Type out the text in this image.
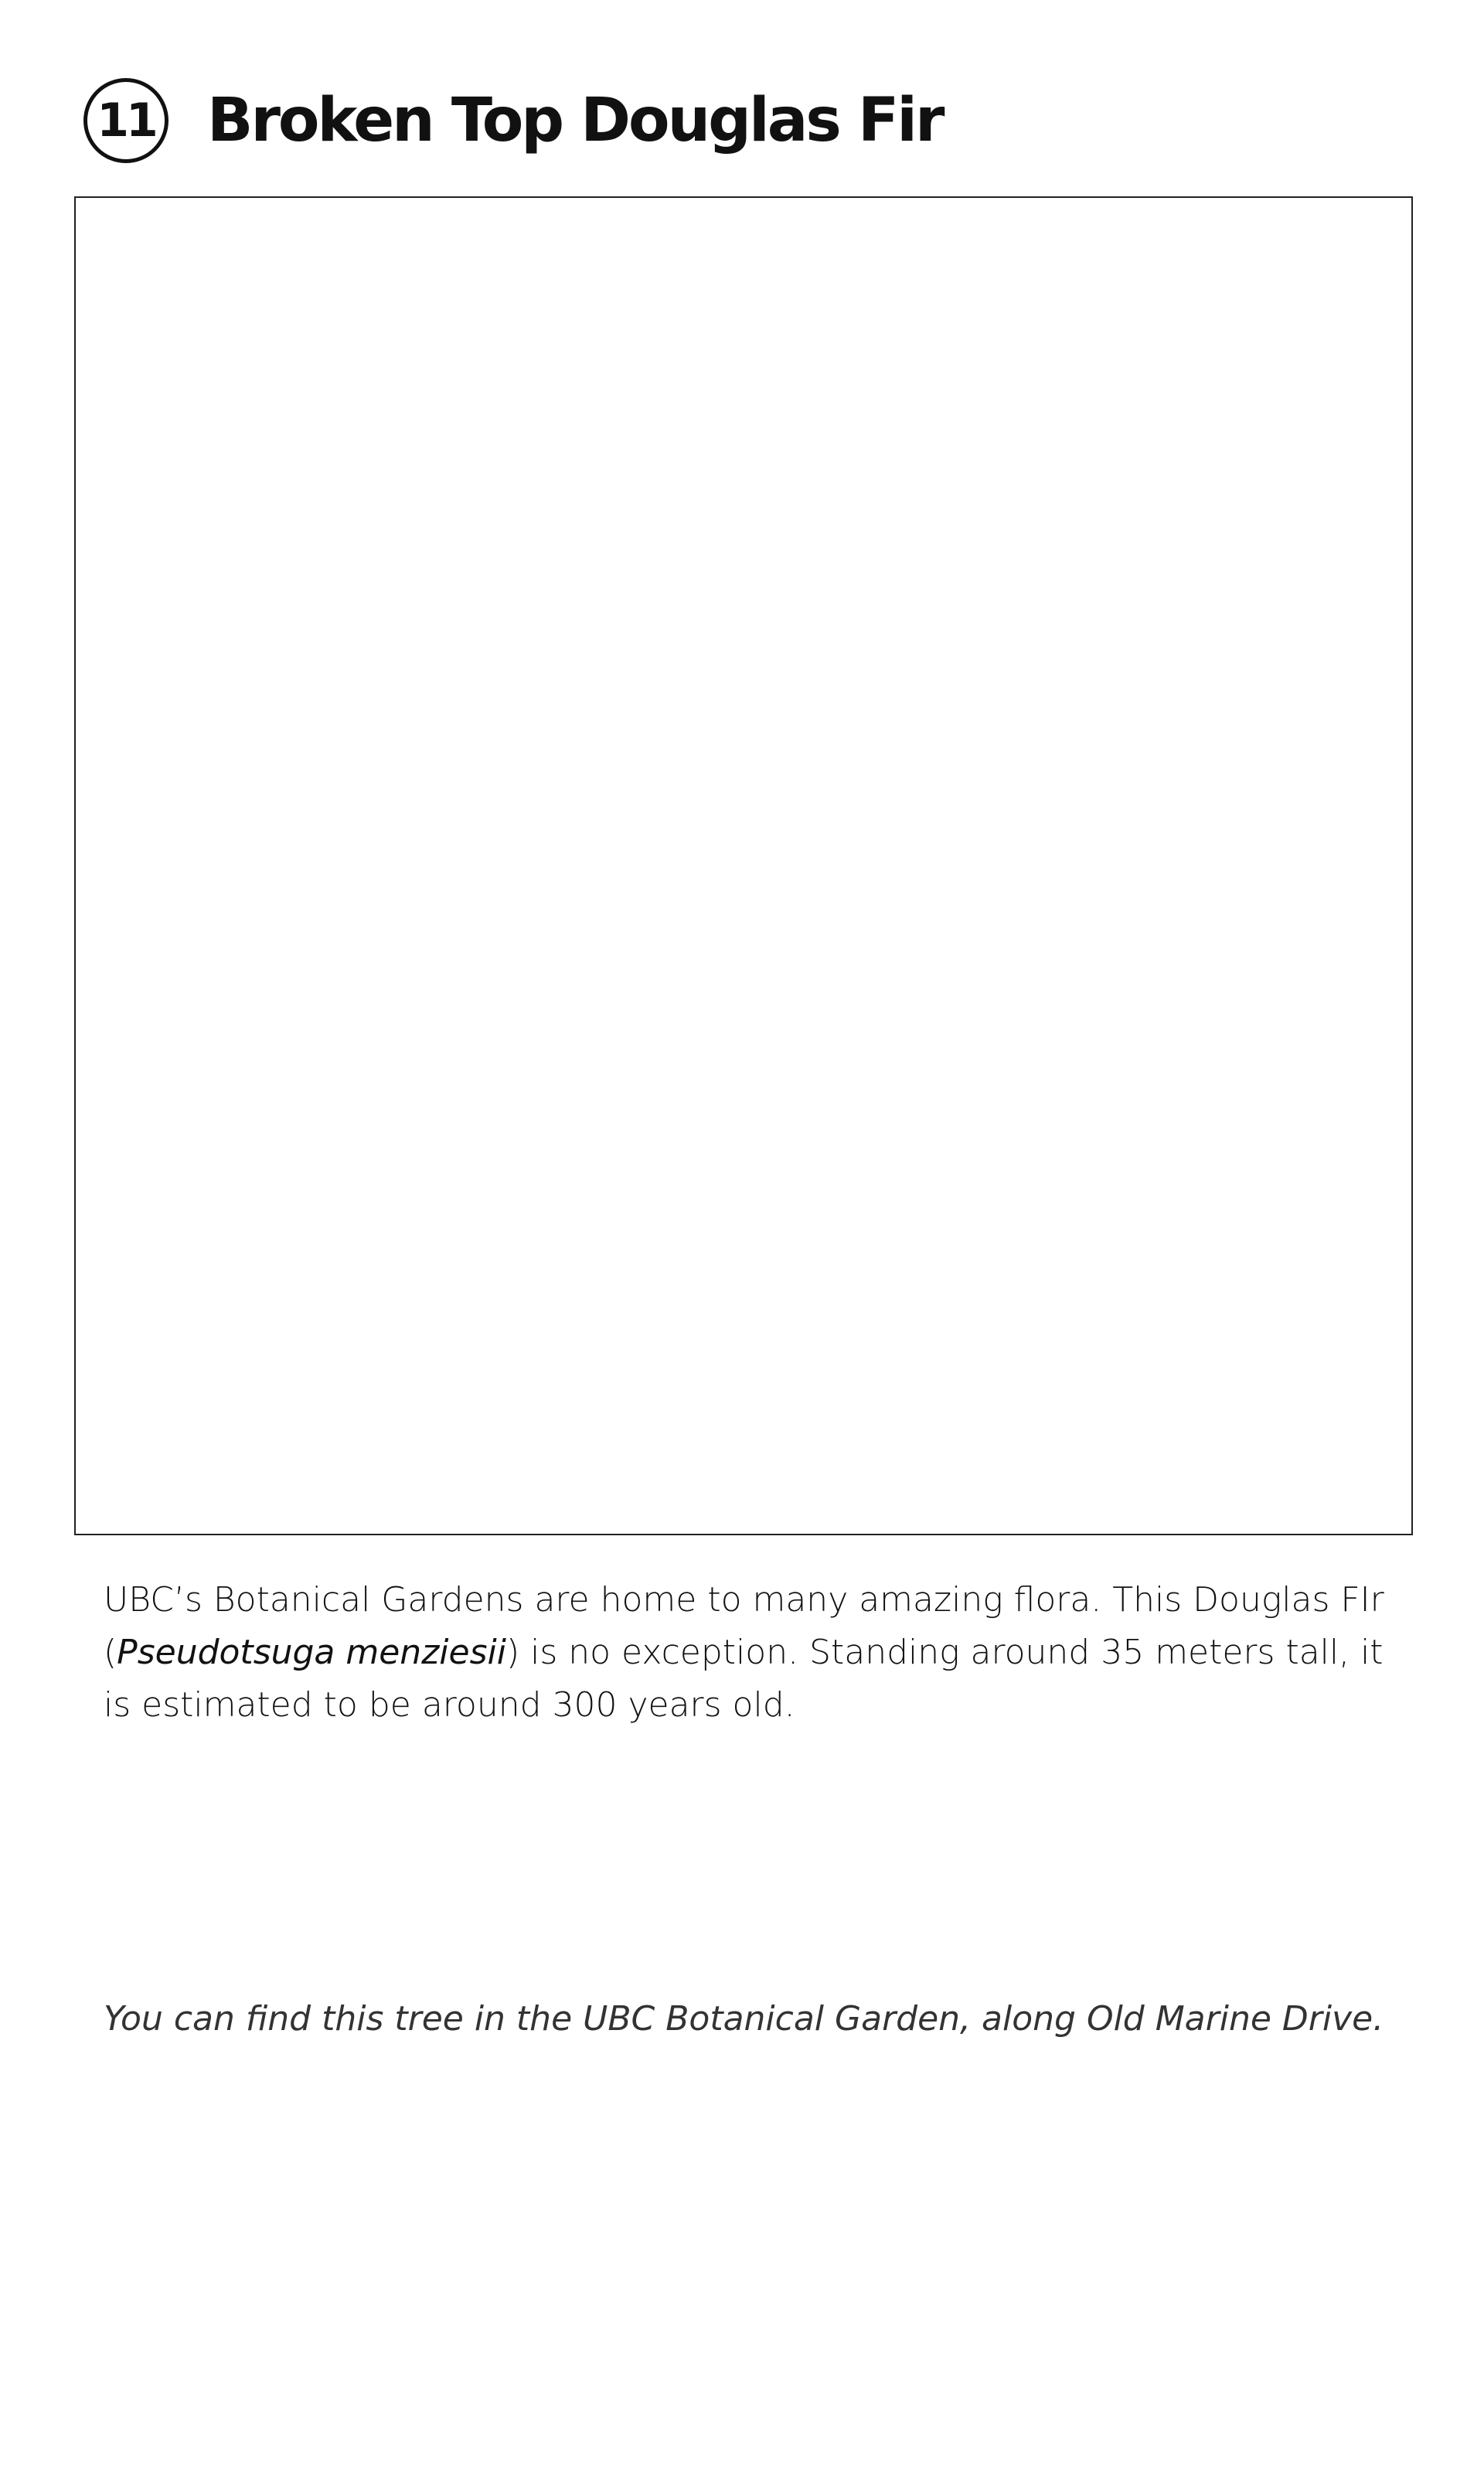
11 Broken Top Douglas Fir

UBC’s Botanical Gardens are home to many amazing flora. This Douglas FIr (Pseudotsuga menziesii) is no exception. Standing around 35 meters tall, it is estimated to be around 300 years old.

You can find this tree in the UBC Botanical Garden, along Old Marine Drive.
